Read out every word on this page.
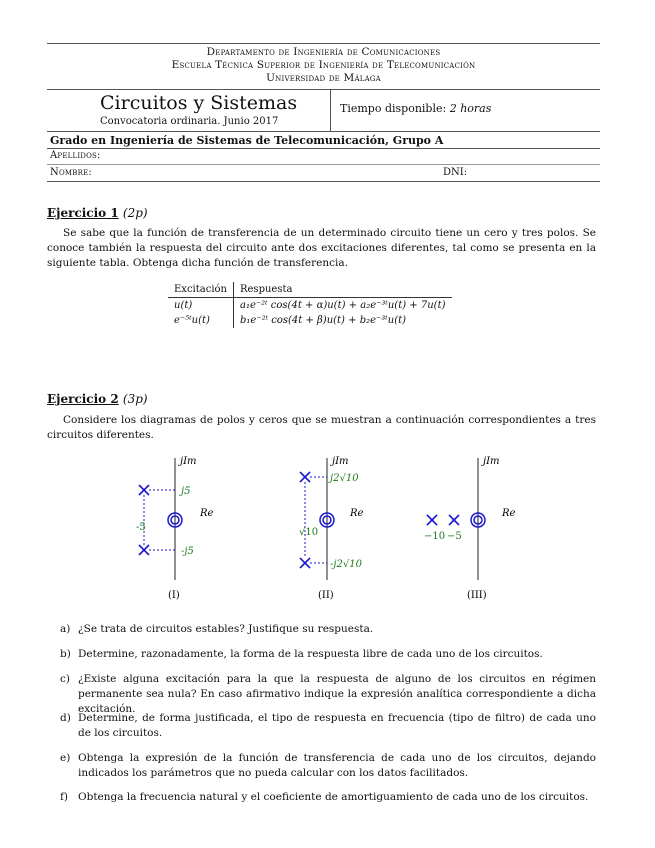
Departamento de Ingeniería de Comunicaciones
Escuela Técnica Superior de Ingeniería de Telecomunicación
Universidad de Málaga
Circuitos y Sistemas
Convocatoria ordinaria. Junio 2017
Tiempo disponible: 2 horas
Grado en Ingeniería de Sistemas de Telecomunicación, Grupo A
Apellidos:
Nombre:	DNI:
Ejercicio 1 (2p)
Se sabe que la función de transferencia de un determinado circuito tiene un cero y tres polos. Se conoce también la respuesta del circuito ante dos excitaciones diferentes, tal como se presenta en la siguiente tabla. Obtenga dicha función de transferencia.
Excitación	Respuesta
u(t)	a₁e⁻²ᵗ cos(4t + α)u(t) + a₂e⁻³ᵗu(t) + 7u(t)
e⁻⁵ᵗu(t)	b₁e⁻²ᵗ cos(4t + β)u(t) + b₂e⁻³ᵗu(t)
Ejercicio 2 (3p)
Considere los diagramas de polos y ceros que se muestran a continuación correspondientes a tres circuitos diferentes.
jIm
Re
j5
-j5
-5
(I)
jIm
Re
j2√10
-j2√10
√10
(II)
jIm
Re
−10 −5
(III)
a) ¿Se trata de circuitos estables? Justifique su respuesta.
b) Determine, razonadamente, la forma de la respuesta libre de cada uno de los circuitos.
c) ¿Existe alguna excitación para la que la respuesta de alguno de los circuitos en régimen permanente sea nula? En caso afirmativo indique la expresión analítica correspondiente a dicha excitación.
d) Determine, de forma justificada, el tipo de respuesta en frecuencia (tipo de filtro) de cada uno de los circuitos.
e) Obtenga la expresión de la función de transferencia de cada uno de los circuitos, dejando indicados los parámetros que no pueda calcular con los datos facilitados.
f) Obtenga la frecuencia natural y el coeficiente de amortiguamiento de cada uno de los circuitos.
